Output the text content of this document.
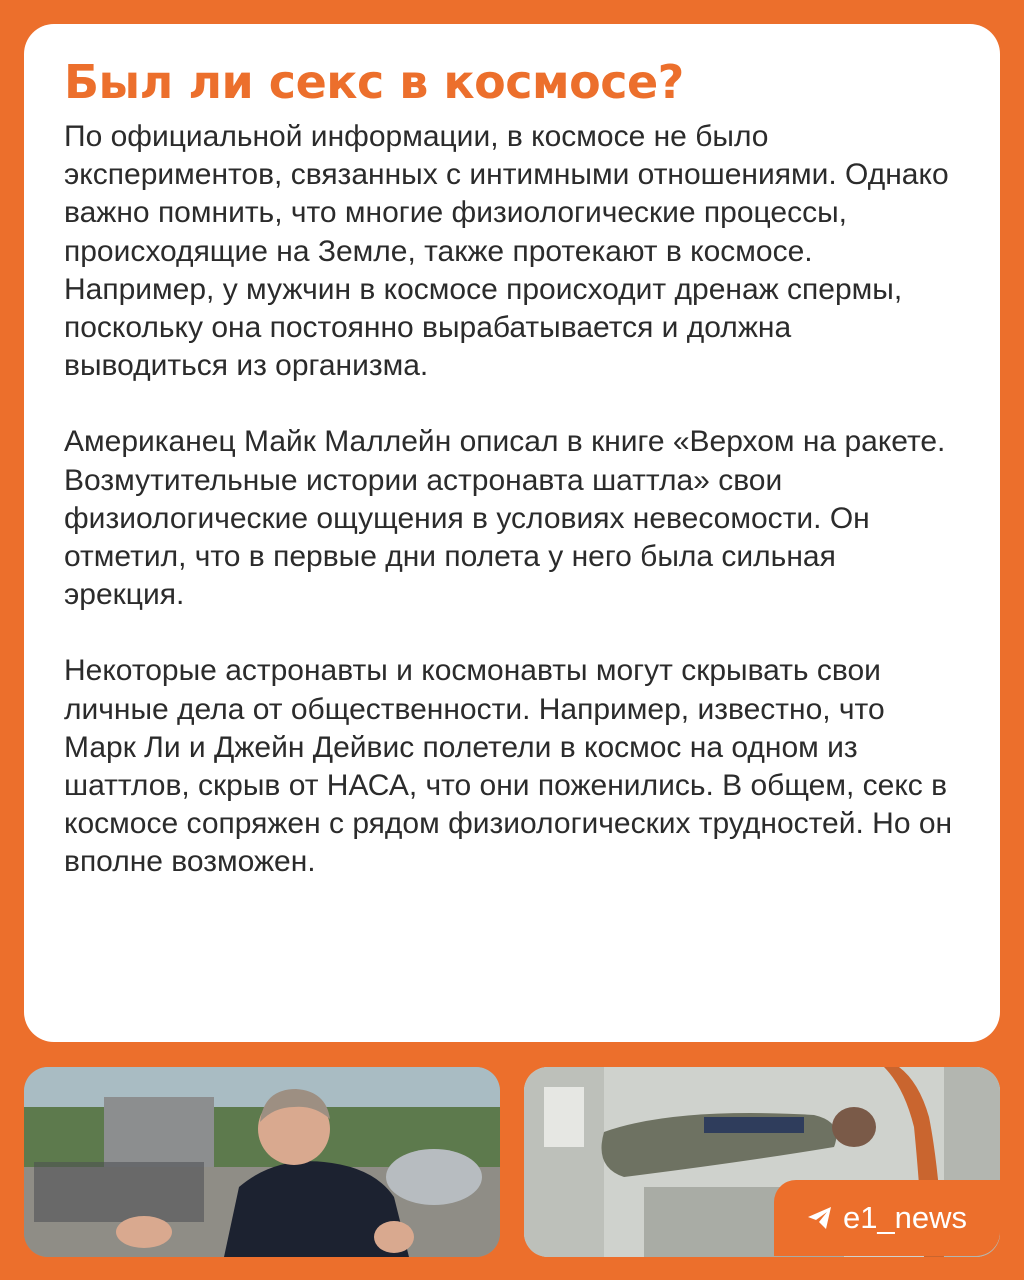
Был ли секс в космосе?

По официальной информации, в космосе не было экспериментов, связанных с интимными отношениями. Однако важно помнить, что многие физиологические процессы, происходящие на Земле, также протекают в космосе. Например, у мужчин в космосе происходит дренаж спермы, поскольку она постоянно вырабатывается и должна выводиться из организма.

Американец Майк Маллейн описал в книге «Верхом на ракете. Возмутительные истории астронавта шаттла» свои физиологические ощущения в условиях невесомости. Он отметил, что в первые дни полета у него была сильная эрекция.

Некоторые астронавты и космонавты могут скрывать свои личные дела от общественности. Например, известно, что Марк Ли и Джейн Дейвис полетели в космос на одном из шаттлов, скрыв от НАСА, что они поженились. В общем, секс в космосе сопряжен с рядом физиологических трудностей. Но он вполне возможен.

e1_news
